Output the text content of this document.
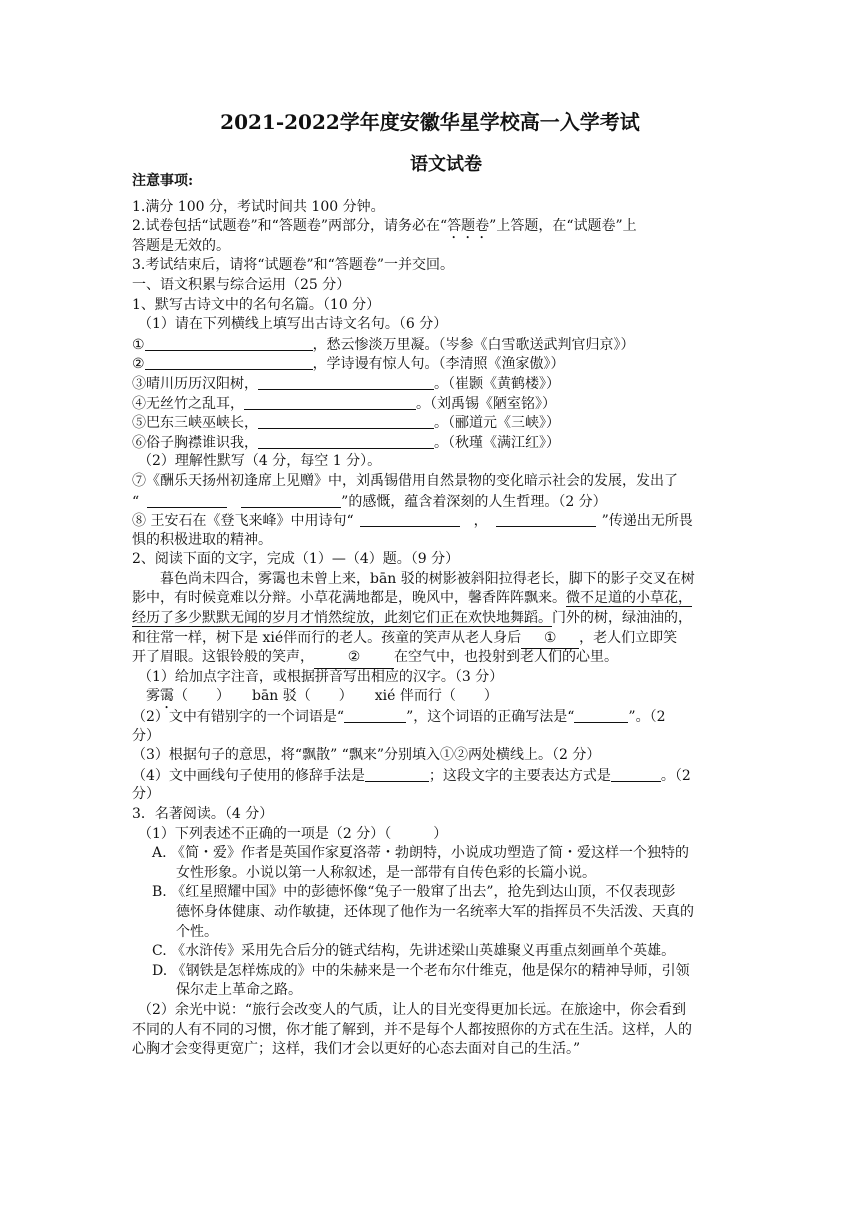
2021-2022学年度安徽华星学校高一入学考试
语文试卷
注意事项:
1.满分 100 分，考试时间共 100 分钟。
2.试卷包括“试题卷”和“答题卷”两部分，请务必在“答题卷”上答题，在“试题卷”上
答题是无效的。
3.考试结束后，请将“试题卷”和“答题卷”一并交回。
一、语文积累与综合运用（25 分）
1、默写古诗文中的名句名篇。（10 分）
（1）请在下列横线上填写出古诗文名句。（6 分）
①	，愁云惨淡万里凝。（岑参《白雪歌送武判官归京》）
②	，学诗谩有惊人句。（李清照《渔家傲》）
③晴川历历汉阳树，	。（崔颢《黄鹤楼》）
④无丝竹之乱耳，	。（刘禹锡《陋室铭》）
⑤巴东三峡巫峡长，	。（郦道元《三峡》）
⑥俗子胸襟谁识我，	。（秋瑾《满江红》）
（2）理解性默写（4 分，每空 1 分）。
⑦《酬乐天扬州初逢席上见赠》中，刘禹锡借用自然景物的变化暗示社会的发展，发出了
“	”的感慨，蕴含着深刻的人生哲理。（2 分）
⑧ 王安石在《登飞来峰》中用诗句“	，	”传递出无所畏
惧的积极进取的精神。
2、阅读下面的文字，完成（1）—（4）题。（9 分）
暮色尚未四合，雾霭也未曾上来，bān 驳的树影被斜阳拉得老长，脚下的影子交叉在树
影中，有时候竟难以分辩。小草花满地都是，晚风中，馨香阵阵飘来。微不足道的小草花，
经历了多少默默无闻的岁月才悄然绽放，此刻它们正在欢快地舞蹈。门外的树，绿油油的，
和往常一样，树下是 xié伴而行的老人。孩童的笑声从老人身后 ① ，老人们立即笑
开了眉眼。这银铃般的笑声， ② 在空气中，也投射到老人们的心里。
（1）给加点字注音，或根据拼音写出相应的汉字。（3 分）
雾霭（　　） bān 驳（　　） xié 伴而行（　　）
（2）文中有错别字的一个词语是“	”，这个词语的正确写法是“	”。（2
分）
（3）根据句子的意思，将“飘散” “飘来”分别填入①②两处横线上。（2 分）
（4）文中画线句子使用的修辞手法是	；这段文字的主要表达方式是	。（2
分）
3．名著阅读。（4 分）
（1）下列表述不正确的一项是（2 分）（　　　）
A. 《简・爱》作者是英国作家夏洛蒂・勃朗特，小说成功塑造了简・爱这样一个独特的
女性形象。小说以第一人称叙述，是一部带有自传色彩的长篇小说。
B. 《红星照耀中国》中的彭德怀像“兔子一般窜了出去”，抢先到达山顶，不仅表现彭
德怀身体健康、动作敏捷，还体现了他作为一名统率大军的指挥员不失活泼、天真的
个性。
C. 《水浒传》采用先合后分的链式结构，先讲述梁山英雄聚义再重点刻画单个英雄。
D. 《钢铁是怎样炼成的》中的朱赫来是一个老布尔什维克，他是保尔的精神导师，引领
保尔走上革命之路。
（2）余光中说：“旅行会改变人的气质，让人的目光变得更加长远。在旅途中，你会看到
不同的人有不同的习惯，你才能了解到，并不是每个人都按照你的方式在生活。这样，人的
心胸才会变得更宽广；这样，我们才会以更好的心态去面对自己的生活。”
